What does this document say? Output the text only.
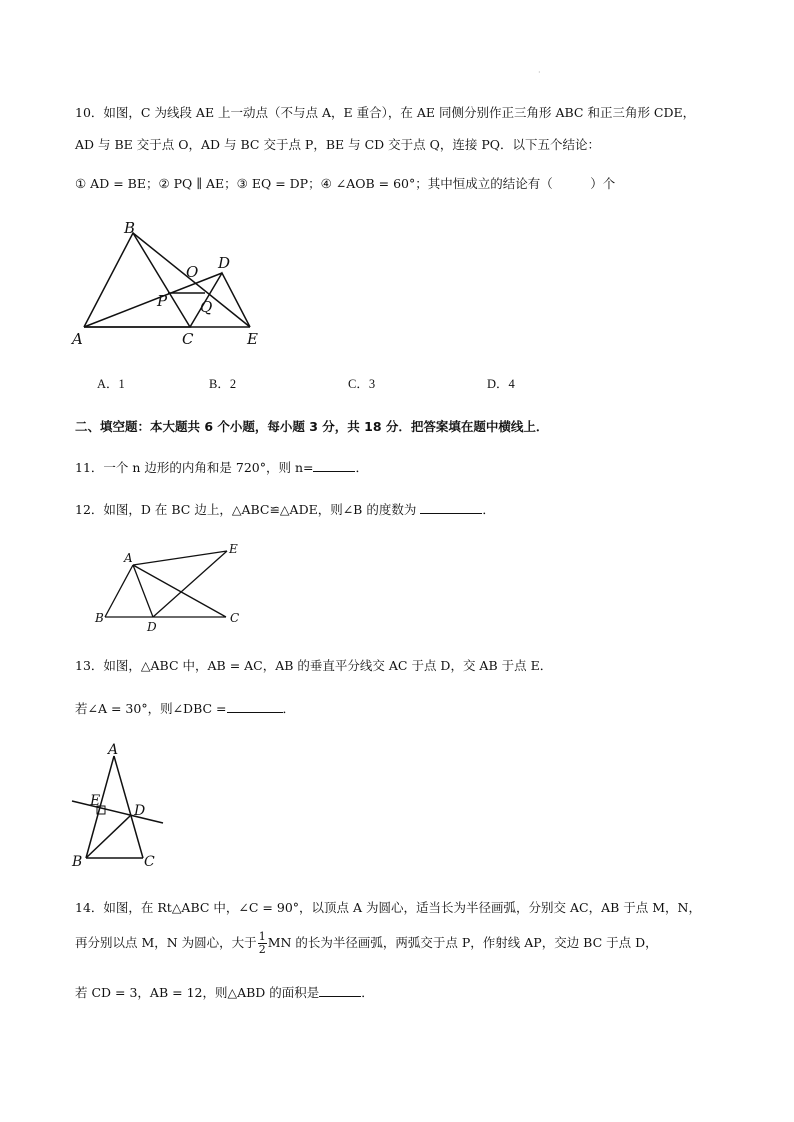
·
10．如图，C 为线段 AE 上一动点（不与点 A，E 重合），在 AE 同侧分别作正三角形 ABC 和正三角形 CDE，
AD 与 BE 交于点 O，AD 与 BC 交于点 P，BE 与 CD 交于点 Q，连接 PQ．以下五个结论：
① AD = BE；② PQ ∥ AE；③ EQ = DP；④ ∠AOB = 60°；其中恒成立的结论有（　　　）个
B
D
O
P Q
A	C	E
A．1	B．2	C．3	D．4
二、填空题：本大题共 6 个小题，每小题 3 分，共 18 分．把答案填在题中横线上．
11．一个 n 边形的内角和是 720°，则 n=	．
12．如图，D 在 BC 边上，△ABC≌△ADE，则∠B 的度数为	．
A
E
B
D
C
13．如图，△ABC 中，AB = AC，AB 的垂直平分线交 AC 于点 D，交 AB 于点 E．
若∠A = 30°，则∠DBC =	．
A
E
D
B	C
14．如图，在 Rt△ABC 中，∠C = 90°，以顶点 A 为圆心，适当长为半径画弧，分别交 AC，AB 于点 M，N，
再分别以点 M，N 为圆心，大于 $\frac{1}{2}$ MN 的长为半径画弧，两弧交于点 P，作射线 AP，交边 BC 于点 D，
若 CD = 3，AB = 12，则△ABD 的面积是	．
